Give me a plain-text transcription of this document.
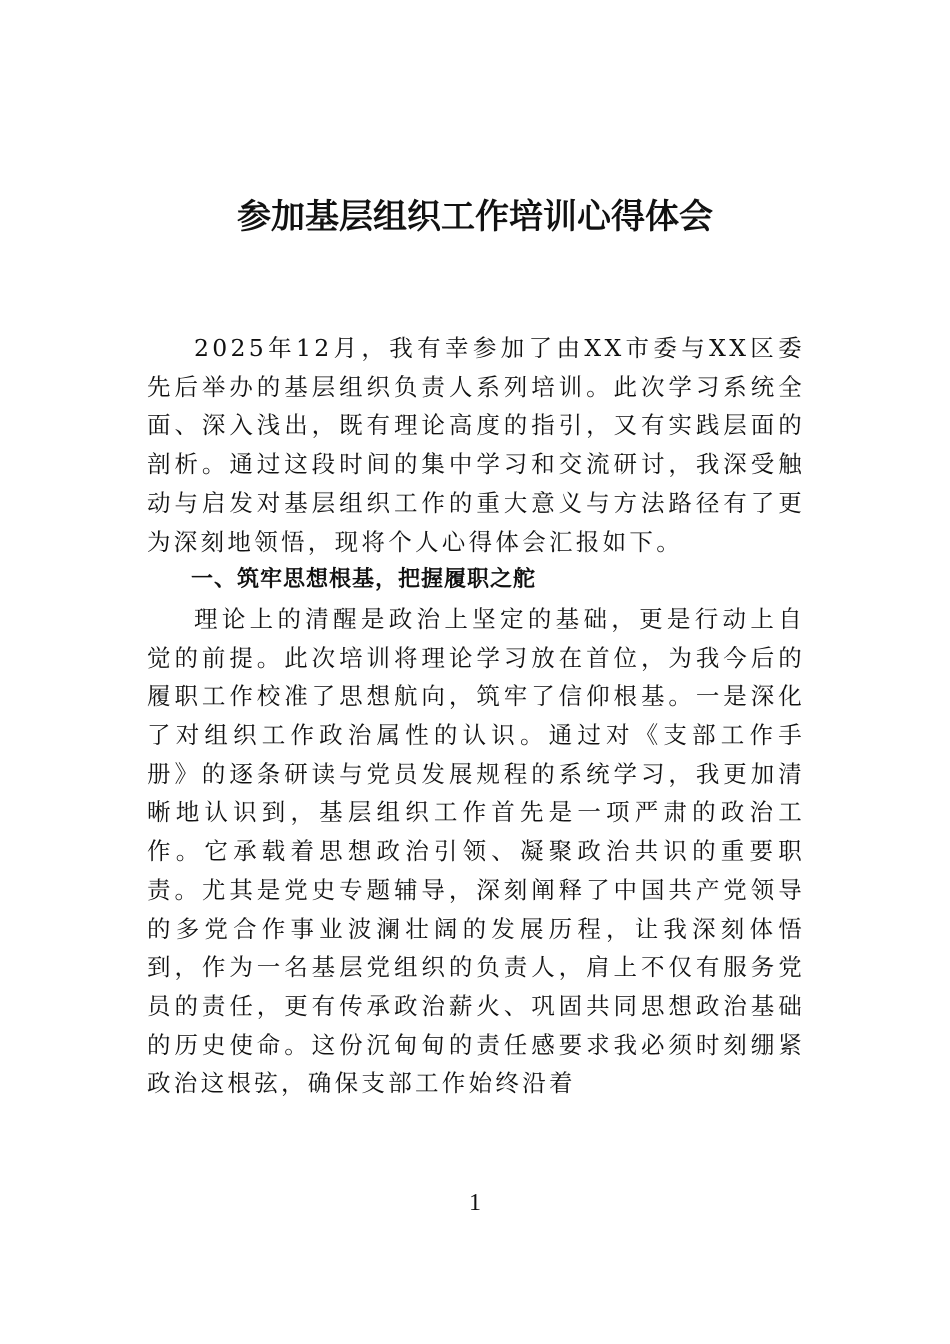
参加基层组织工作培训心得体会

2025年12月，我有幸参加了由XX市委与XX区委先后举办的基层组织负责人系列培训。此次学习系统全面、深入浅出，既有理论高度的指引，又有实践层面的剖析。通过这段时间的集中学习和交流研讨，我深受触动与启发对基层组织工作的重大意义与方法路径有了更为深刻地领悟，现将个人心得体会汇报如下。

一、筑牢思想根基，把握履职之舵

理论上的清醒是政治上坚定的基础，更是行动上自觉的前提。此次培训将理论学习放在首位，为我今后的履职工作校准了思想航向，筑牢了信仰根基。一是深化了对组织工作政治属性的认识。通过对《支部工作手册》的逐条研读与党员发展规程的系统学习，我更加清晰地认识到，基层组织工作首先是一项严肃的政治工作。它承载着思想政治引领、凝聚政治共识的重要职责。尤其是党史专题辅导，深刻阐释了中国共产党领导的多党合作事业波澜壮阔的发展历程，让我深刻体悟到，作为一名基层党组织的负责人，肩上不仅有服务党员的责任，更有传承政治薪火、巩固共同思想政治基础的历史使命。这份沉甸甸的责任感要求我必须时刻绷紧政治这根弦，确保支部工作始终沿着

1
